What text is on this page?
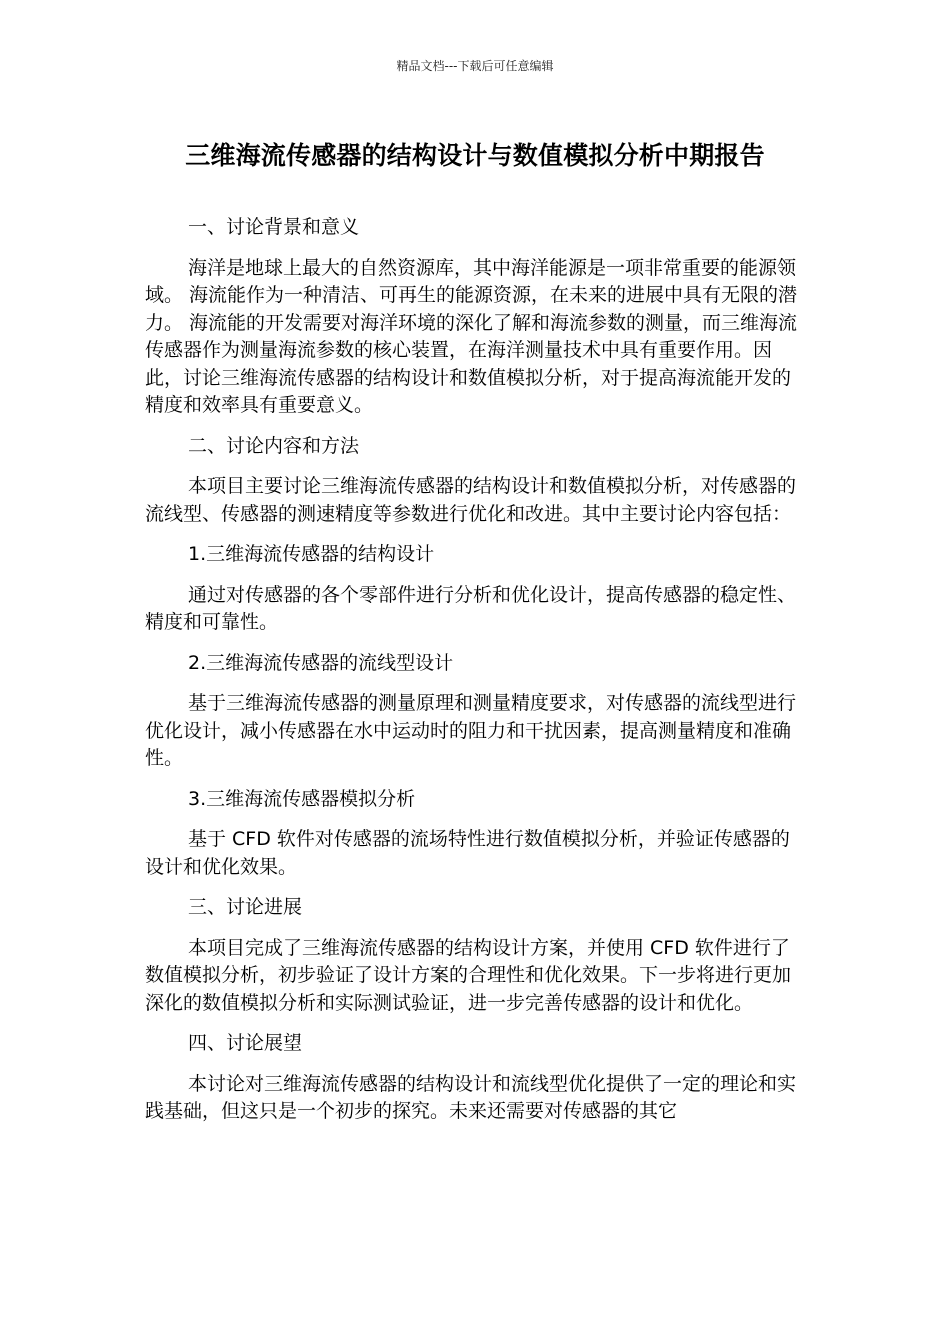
精品文档---下载后可任意编辑
三维海流传感器的结构设计与数值模拟分析中期报告

一、讨论背景和意义

海洋是地球上最大的自然资源库，其中海洋能源是一项非常重要的能源领域。 海流能作为一种清洁、可再生的能源资源，在未来的进展中具有无限的潜力。 海流能的开发需要对海洋环境的深化了解和海流参数的测量，而三维海流传感器作为测量海流参数的核心装置，在海洋测量技术中具有重要作用。因此，讨论三维海流传感器的结构设计和数值模拟分析，对于提高海流能开发的精度和效率具有重要意义。

二、讨论内容和方法

本项目主要讨论三维海流传感器的结构设计和数值模拟分析，对传感器的流线型、传感器的测速精度等参数进行优化和改进。其中主要讨论内容包括：

1.三维海流传感器的结构设计

通过对传感器的各个零部件进行分析和优化设计，提高传感器的稳定性、精度和可靠性。

2.三维海流传感器的流线型设计

基于三维海流传感器的测量原理和测量精度要求，对传感器的流线型进行优化设计，减小传感器在水中运动时的阻力和干扰因素，提高测量精度和准确性。

3.三维海流传感器模拟分析

基于 CFD 软件对传感器的流场特性进行数值模拟分析，并验证传感器的设计和优化效果。

三、讨论进展

本项目完成了三维海流传感器的结构设计方案，并使用 CFD 软件进行了数值模拟分析，初步验证了设计方案的合理性和优化效果。下一步将进行更加深化的数值模拟分析和实际测试验证，进一步完善传感器的设计和优化。

四、讨论展望

本讨论对三维海流传感器的结构设计和流线型优化提供了一定的理论和实践基础，但这只是一个初步的探究。未来还需要对传感器的其它
